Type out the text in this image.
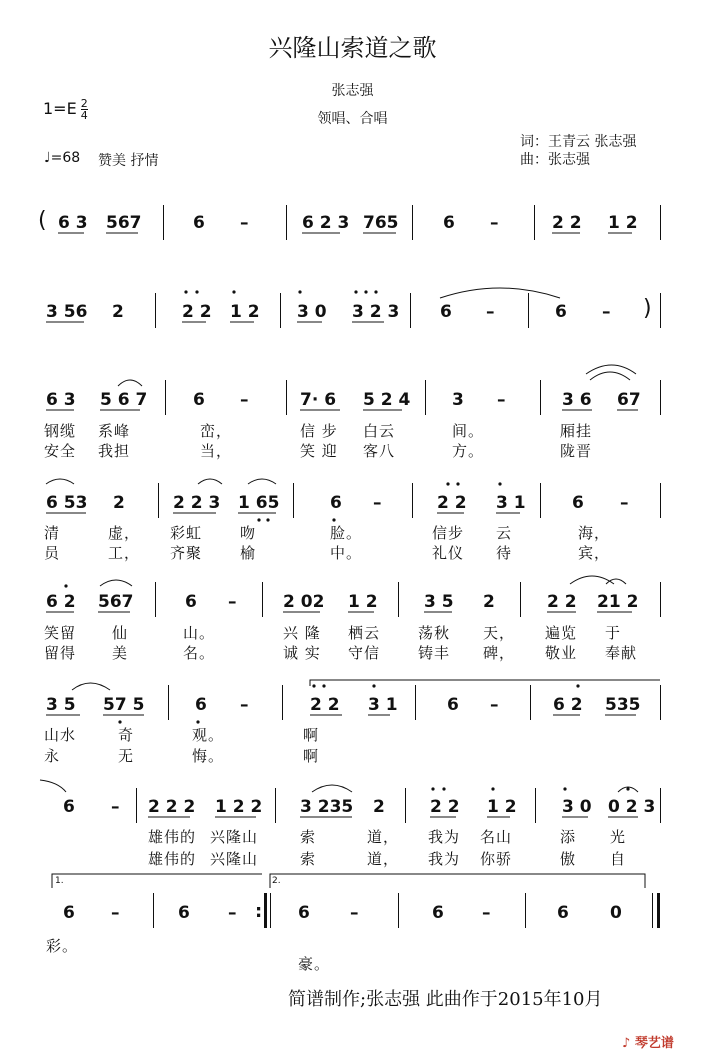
兴隆山索道之歌
张志强
领唱、合唱
$1=E \frac{2}{4}$
♩=68 赞美 抒情
词：王青云 张志强
曲：张志强
( 6 3 567	6 –	6 2 3 765	6 –	2 2 1 2
3 56 2	2 2 1 2 3 0 3 2 3 6 –	6 – )
6 3 5 6 7	6 –	7· 6 5 2 4 3 –	3 6 67
钢缆 系峰	峦，	信 步 白云	间。	厢挂
安全 我担	当，	笑 迎 客八	方。	陇晋
6 53 2	2 2 3 1 65	6 –	2 2 3 1	6 –
清	虚， 彩虹	吻	脸。	信步 云	海，
员	工， 齐聚	榆	中。	礼仪 待	宾，
6 2 567	6 –	2 02 1 2	3 5 2	2 2 21 2
笑留 仙	山。	兴 隆 栖云	荡秋 天， 遍览 于
留得 美	名。	诚 实 守信	铸丰 碑， 敬业 奉献
3 5 57 5	6 –	2 2 3 1	6 –	6 2 535
山水	奇	观。	啊
永	无	悔。	啊
6 – 2 2 2 1 2 2 3 235 2	2 2 1 2	3 0 0 2 3
雄伟的 兴隆山	索	道， 我为 名山	添 光
雄伟的 兴隆山	索	道， 我为 你骄	傲 自
1.	2.
6 –	6 – : 6 –	6 –	6 0
彩。
豪。
简谱制作;张志强 此曲作于2015年10月
♪ 琴艺谱
